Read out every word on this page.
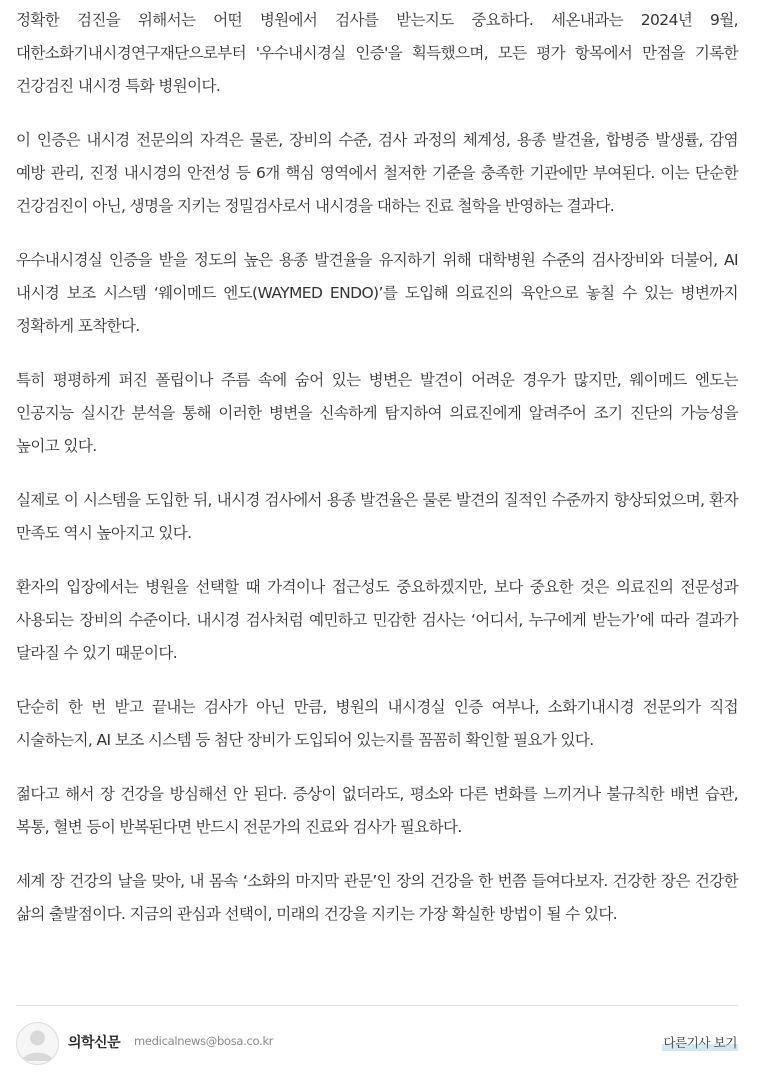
정확한 검진을 위해서는 어떤 병원에서 검사를 받는지도 중요하다. 세온내과는 2024년 9월, 대한소화기내시경연구재단으로부터 '우수내시경실 인증'을 획득했으며, 모든 평가 항목에서 만점을 기록한 건강검진 내시경 특화 병원이다.

이 인증은 내시경 전문의의 자격은 물론, 장비의 수준, 검사 과정의 체계성, 용종 발견율, 합병증 발생률, 감염 예방 관리, 진정 내시경의 안전성 등 6개 핵심 영역에서 철저한 기준을 충족한 기관에만 부여된다. 이는 단순한 건강검진이 아닌, 생명을 지키는 정밀검사로서 내시경을 대하는 진료 철학을 반영하는 결과다.

우수내시경실 인증을 받을 정도의 높은 용종 발견율을 유지하기 위해 대학병원 수준의 검사장비와 더불어, AI 내시경 보조 시스템 ‘웨이메드 엔도(WAYMED ENDO)’를 도입해 의료진의 육안으로 놓칠 수 있는 병변까지 정확하게 포착한다.

특히 평평하게 퍼진 폴립이나 주름 속에 숨어 있는 병변은 발견이 어려운 경우가 많지만, 웨이메드 엔도는 인공지능 실시간 분석을 통해 이러한 병변을 신속하게 탐지하여 의료진에게 알려주어 조기 진단의 가능성을 높이고 있다.

실제로 이 시스템을 도입한 뒤, 내시경 검사에서 용종 발견율은 물론 발견의 질적인 수준까지 향상되었으며, 환자 만족도 역시 높아지고 있다.

환자의 입장에서는 병원을 선택할 때 가격이나 접근성도 중요하겠지만, 보다 중요한 것은 의료진의 전문성과 사용되는 장비의 수준이다. 내시경 검사처럼 예민하고 민감한 검사는 ‘어디서, 누구에게 받는가’에 따라 결과가 달라질 수 있기 때문이다.

단순히 한 번 받고 끝내는 검사가 아닌 만큼, 병원의 내시경실 인증 여부나, 소화기내시경 전문의가 직접 시술하는지, AI 보조 시스템 등 첨단 장비가 도입되어 있는지를 꼼꼼히 확인할 필요가 있다.

젊다고 해서 장 건강을 방심해선 안 된다. 증상이 없더라도, 평소와 다른 변화를 느끼거나 불규칙한 배변 습관, 복통, 혈변 등이 반복된다면 반드시 전문가의 진료와 검사가 필요하다.

세계 장 건강의 날을 맞아, 내 몸속 ‘소화의 마지막 관문’인 장의 건강을 한 번쯤 들여다보자. 건강한 장은 건강한 삶의 출발점이다. 지금의 관심과 선택이, 미래의 건강을 지키는 가장 확실한 방법이 될 수 있다.

의학신문 medicalnews@bosa.co.kr	다른기사 보기
